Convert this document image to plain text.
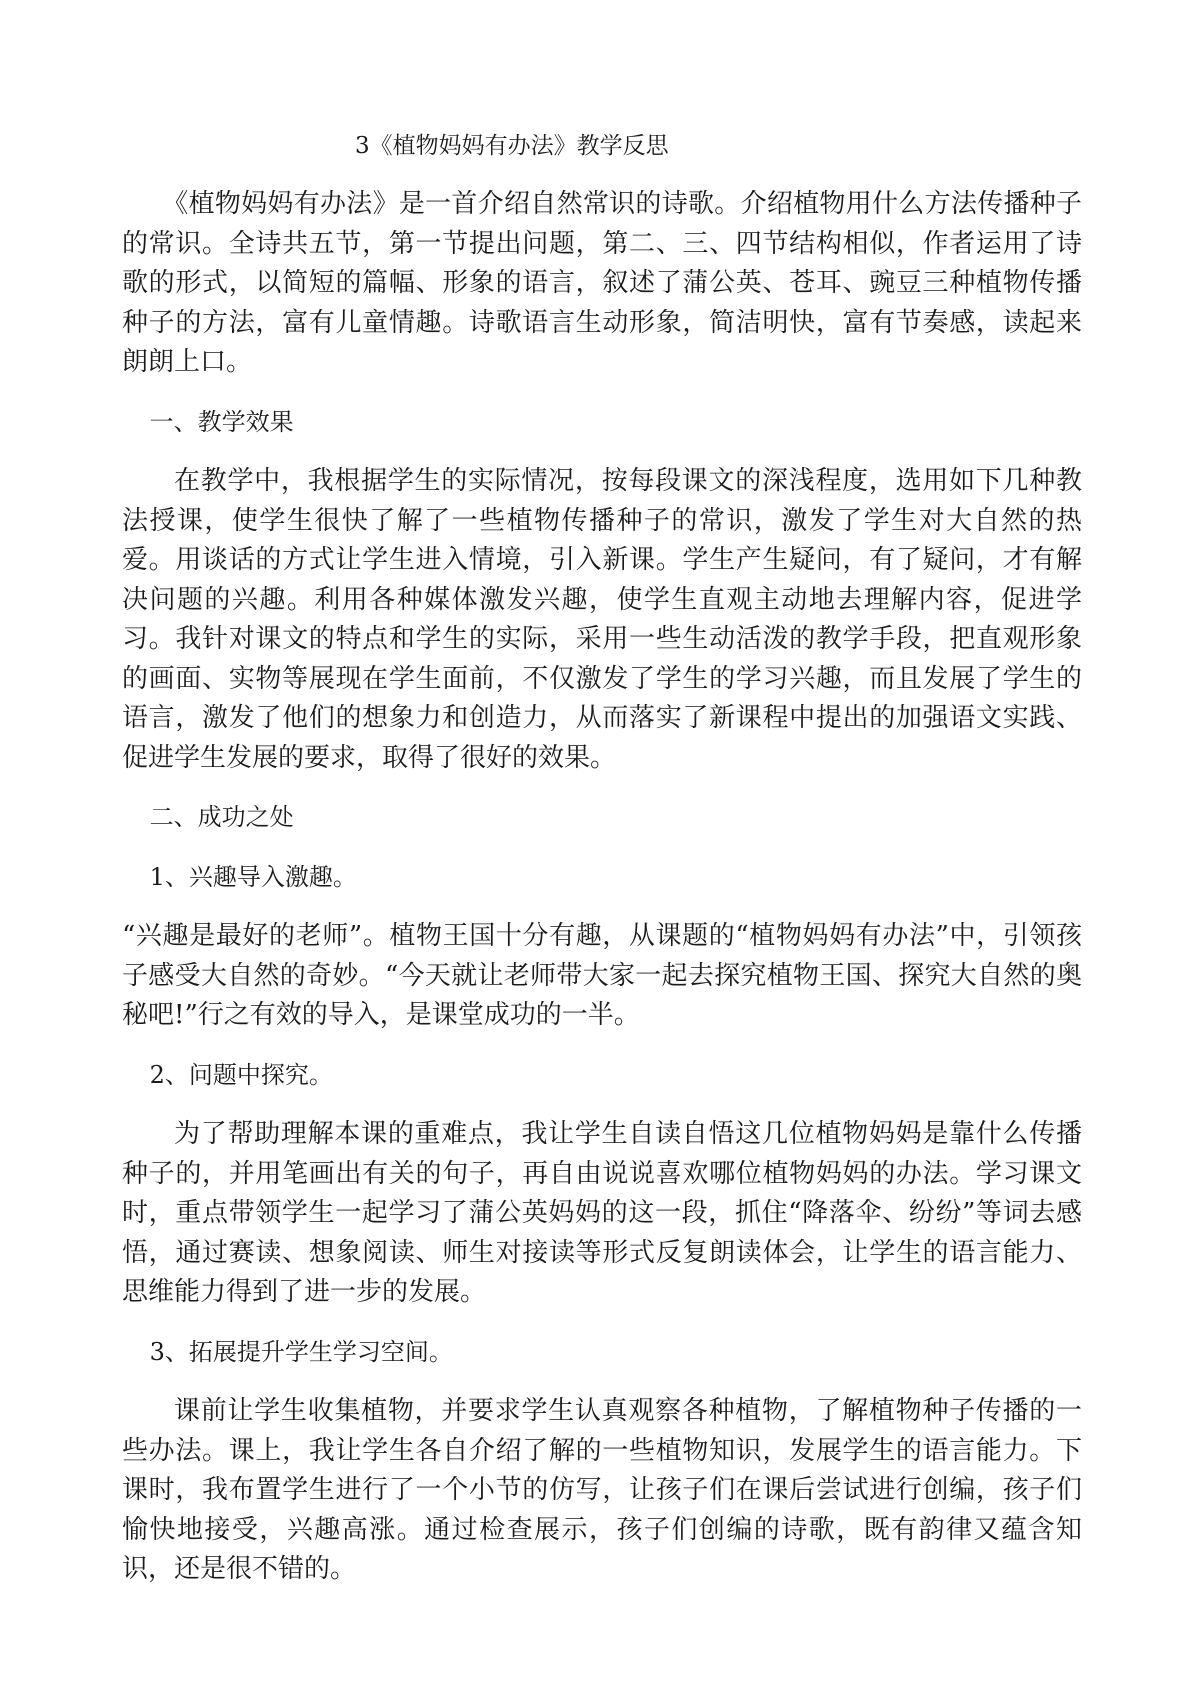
3《植物妈妈有办法》教学反思

《植物妈妈有办法》是一首介绍自然常识的诗歌。介绍植物用什么方法传播种子的常识。全诗共五节，第一节提出问题，第二、三、四节结构相似，作者运用了诗歌的形式，以简短的篇幅、形象的语言，叙述了蒲公英、苍耳、豌豆三种植物传播种子的方法，富有儿童情趣。诗歌语言生动形象，简洁明快，富有节奏感，读起来朗朗上口。

一、教学效果

在教学中，我根据学生的实际情况，按每段课文的深浅程度，选用如下几种教法授课，使学生很快了解了一些植物传播种子的常识，激发了学生对大自然的热爱。用谈话的方式让学生进入情境，引入新课。学生产生疑问，有了疑问，才有解决问题的兴趣。利用各种媒体激发兴趣，使学生直观主动地去理解内容，促进学习。我针对课文的特点和学生的实际，采用一些生动活泼的教学手段，把直观形象的画面、实物等展现在学生面前，不仅激发了学生的学习兴趣，而且发展了学生的语言，激发了他们的想象力和创造力，从而落实了新课程中提出的加强语文实践、促进学生发展的要求，取得了很好的效果。

二、成功之处
1、兴趣导入激趣。

“兴趣是最好的老师”。植物王国十分有趣，从课题的“植物妈妈有办法”中，引领孩子感受大自然的奇妙。“今天就让老师带大家一起去探究植物王国、探究大自然的奥秘吧!”行之有效的导入，是课堂成功的一半。

2、问题中探究。

为了帮助理解本课的重难点，我让学生自读自悟这几位植物妈妈是靠什么传播种子的，并用笔画出有关的句子，再自由说说喜欢哪位植物妈妈的办法。学习课文时，重点带领学生一起学习了蒲公英妈妈的这一段，抓住“降落伞、纷纷”等词去感悟，通过赛读、想象阅读、师生对接读等形式反复朗读体会，让学生的语言能力、思维能力得到了进一步的发展。

3、拓展提升学生学习空间。

课前让学生收集植物，并要求学生认真观察各种植物，了解植物种子传播的一些办法。课上，我让学生各自介绍了解的一些植物知识，发展学生的语言能力。下课时，我布置学生进行了一个小节的仿写，让孩子们在课后尝试进行创编，孩子们愉快地接受，兴趣高涨。通过检查展示，孩子们创编的诗歌，既有韵律又蕴含知识，还是很不错的。
